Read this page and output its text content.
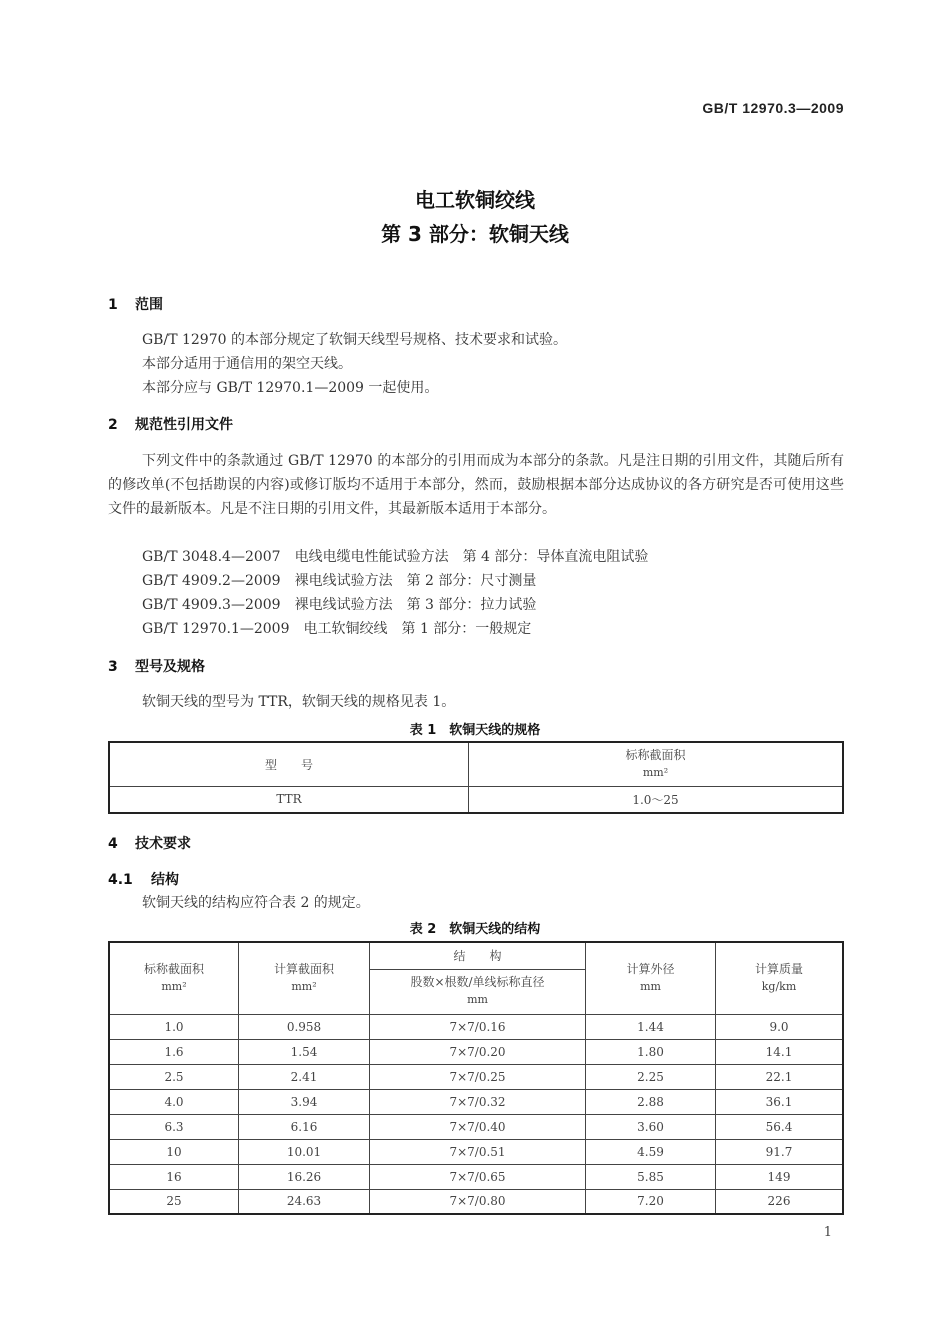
GB/T 12970.3—2009
电工软铜绞线
第 3 部分：软铜天线
1 范围
GB/T 12970 的本部分规定了软铜天线型号规格、技术要求和试验。
本部分适用于通信用的架空天线。
本部分应与 GB/T 12970.1—2009 一起使用。
2 规范性引用文件
下列文件中的条款通过 GB/T 12970 的本部分的引用而成为本部分的条款。凡是注日期的引用文件，其随后所有的修改单(不包括勘误的内容)或修订版均不适用于本部分，然而，鼓励根据本部分达成协议的各方研究是否可使用这些文件的最新版本。凡是不注日期的引用文件，其最新版本适用于本部分。
GB/T 3048.4—2007　电线电缆电性能试验方法　第 4 部分：导体直流电阻试验
GB/T 4909.2—2009　裸电线试验方法　第 2 部分：尺寸测量
GB/T 4909.3—2009　裸电线试验方法　第 3 部分：拉力试验
GB/T 12970.1—2009　电工软铜绞线　第 1 部分：一般规定
3 型号及规格
软铜天线的型号为 TTR，软铜天线的规格见表 1。
表 1　软铜天线的规格
型　　号	标称截面积
mm²

TTR	1.0～25
4 技术要求
4.1 结构
软铜天线的结构应符合表 2 的规定。
表 2　软铜天线的结构
标称截面积
mm²	计算截面积
mm²	结　　构	计算外径
mm	计算质量
kg/km

		股数×根数/单线标称直径
mm		

1.0	0.958	7×7/0.16	1.44	9.0
1.6	1.54	7×7/0.20	1.80	14.1
2.5	2.41	7×7/0.25	2.25	22.1
4.0	3.94	7×7/0.32	2.88	36.1
6.3	6.16	7×7/0.40	3.60	56.4
10	10.01	7×7/0.51	4.59	91.7
16	16.26	7×7/0.65	5.85	149
25	24.63	7×7/0.80	7.20	226
1
